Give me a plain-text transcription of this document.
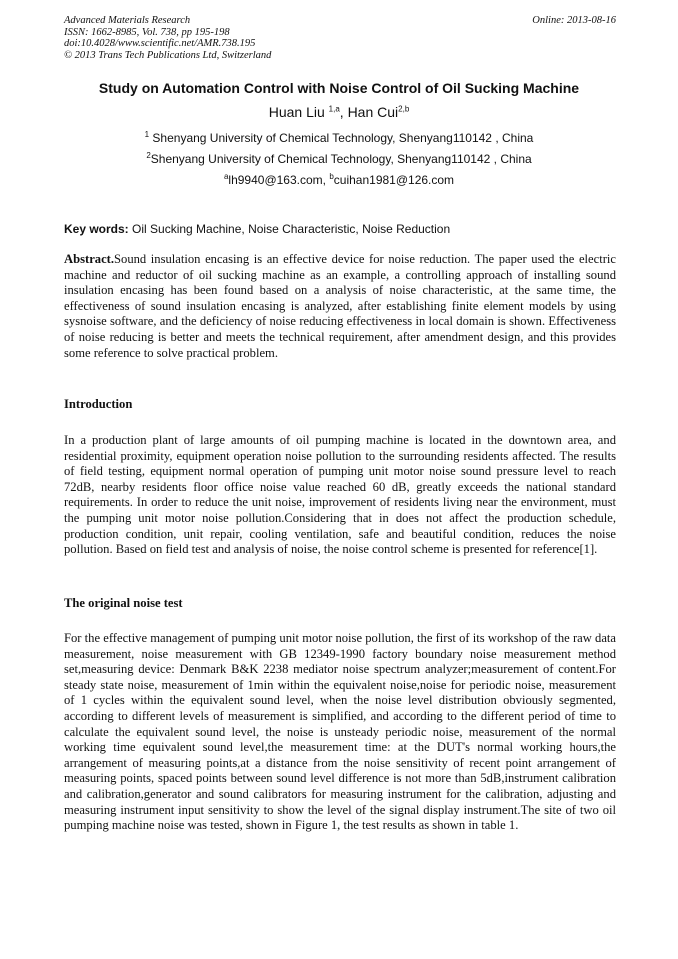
Advanced Materials Research
ISSN: 1662-8985, Vol. 738, pp 195-198
doi:10.4028/www.scientific.net/AMR.738.195
© 2013 Trans Tech Publications Ltd, Switzerland
Online: 2013-08-16
Study on Automation Control with Noise Control of Oil Sucking Machine
Huan Liu $^{1,a}$, Han Cui$^{2,b}$
$^1$ Shenyang University of Chemical Technology, Shenyang110142 , China
$^2$Shenyang University of Chemical Technology, Shenyang110142 , China
$^a$lh9940@163.com, $^b$cuihan1981@126.com
Key words: Oil Sucking Machine, Noise Characteristic, Noise Reduction

Abstract.Sound insulation encasing is an effective device for noise reduction. The paper used the electric machine and reductor of oil sucking machine as an example, a controlling approach of installing sound insulation encasing has been found based on a analysis of noise characteristic, at the same time, the effectiveness of sound insulation encasing is analyzed, after establishing finite element models by using sysnoise software, and the deficiency of noise reducing effectiveness in local domain is shown. Effectiveness of noise reducing is better and meets the technical requirement, after amendment design, and this provides some reference to solve practical problem.

Introduction

In a production plant of large amounts of oil pumping machine is located in the downtown area, and residential proximity, equipment operation noise pollution to the surrounding residents affected. The results of field testing, equipment normal operation of pumping unit motor noise sound pressure level to reach 72dB, nearby residents floor office noise value reached 60 dB, greatly exceeds the national standard requirements. In order to reduce the unit noise, improvement of residents living near the environment, must the pumping unit motor noise pollution.Considering that in does not affect the production schedule, production condition, unit repair, cooling ventilation, safe and beautiful condition, reduces the noise pollution. Based on field test and analysis of noise, the noise control scheme is presented for reference[1].

The original noise test

For the effective management of pumping unit motor noise pollution, the first of its workshop of the raw data measurement, noise measurement with GB 12349-1990 factory boundary noise measurement method set,measuring device: Denmark B&K 2238 mediator noise spectrum analyzer;measurement of content.For steady state noise, measurement of 1min within the equivalent noise,noise for periodic noise, measurement of 1 cycles within the equivalent sound level, when the noise level distribution obviously segmented, according to different levels of measurement is simplified, and according to the different period of time to calculate the equivalent sound level, the noise is unsteady periodic noise, measurement of the normal working time equivalent sound level,the measurement time: at the DUT's normal working hours,the arrangement of measuring points,at a distance from the noise sensitivity of recent point arrangement of measuring points, spaced points between sound level difference is not more than 5dB,instrument calibration and calibration,generator and sound calibrators for measuring instrument for the calibration, adjusting and measuring instrument input sensitivity to show the level of the signal display instrument.The site of two oil pumping machine noise was tested, shown in Figure 1, the test results as shown in table 1.
